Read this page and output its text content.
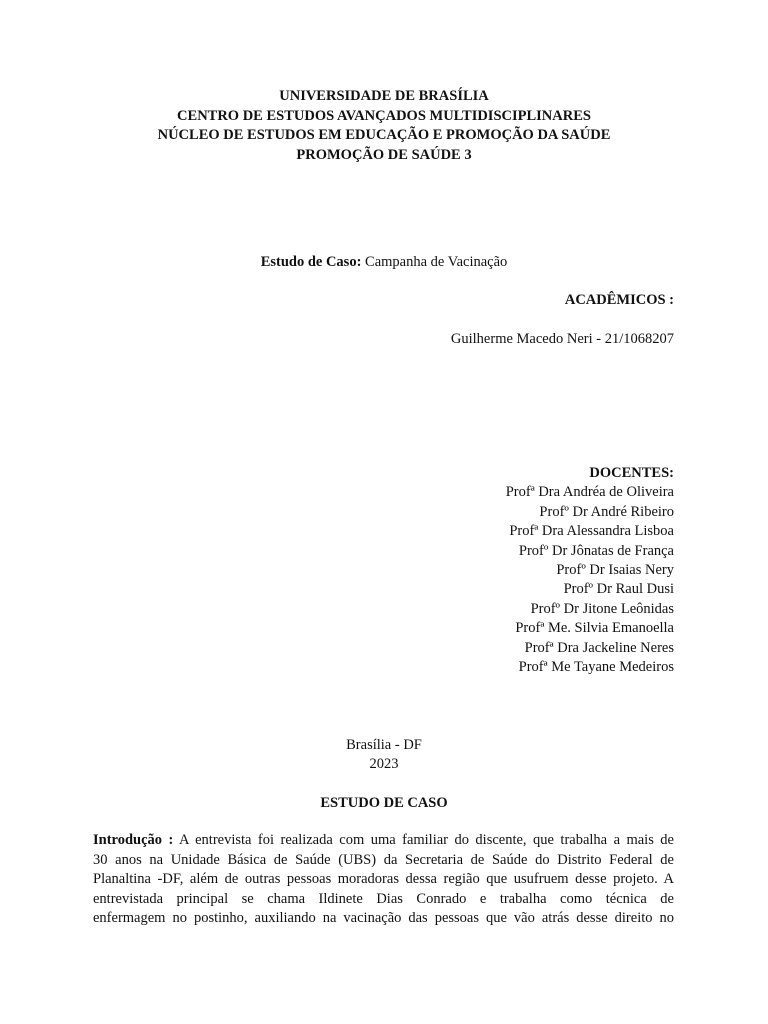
UNIVERSIDADE DE BRASÍLIA
CENTRO DE ESTUDOS AVANÇADOS MULTIDISCIPLINARES
NÚCLEO DE ESTUDOS EM EDUCAÇÃO E PROMOÇÃO DA SAÚDE
PROMOÇÃO DE SAÚDE 3
Estudo de Caso: Campanha de Vacinação
ACADÊMICOS :
Guilherme Macedo Neri - 21/1068207
DOCENTES:
Profª Dra Andréa de Oliveira
Profº Dr André Ribeiro
Profª Dra Alessandra Lisboa
Profº Dr Jônatas de França
Profº Dr Isaias Nery
Profº Dr Raul Dusi
Profº Dr Jitone Leônidas
Profª Me. Silvia Emanoella
Profª Dra Jackeline Neres
Profª Me Tayane Medeiros
Brasília - DF
2023
ESTUDO DE CASO
Introdução : A entrevista foi realizada com uma familiar do discente, que trabalha a mais de
30 anos na Unidade Básica de Saúde (UBS) da Secretaria de Saúde do Distrito Federal de
Planaltina -DF, além de outras pessoas moradoras dessa região que usufruem desse projeto. A
entrevistada principal se chama Ildinete Dias Conrado e trabalha como técnica de
enfermagem no postinho, auxiliando na vacinação das pessoas que vão atrás desse direito no
